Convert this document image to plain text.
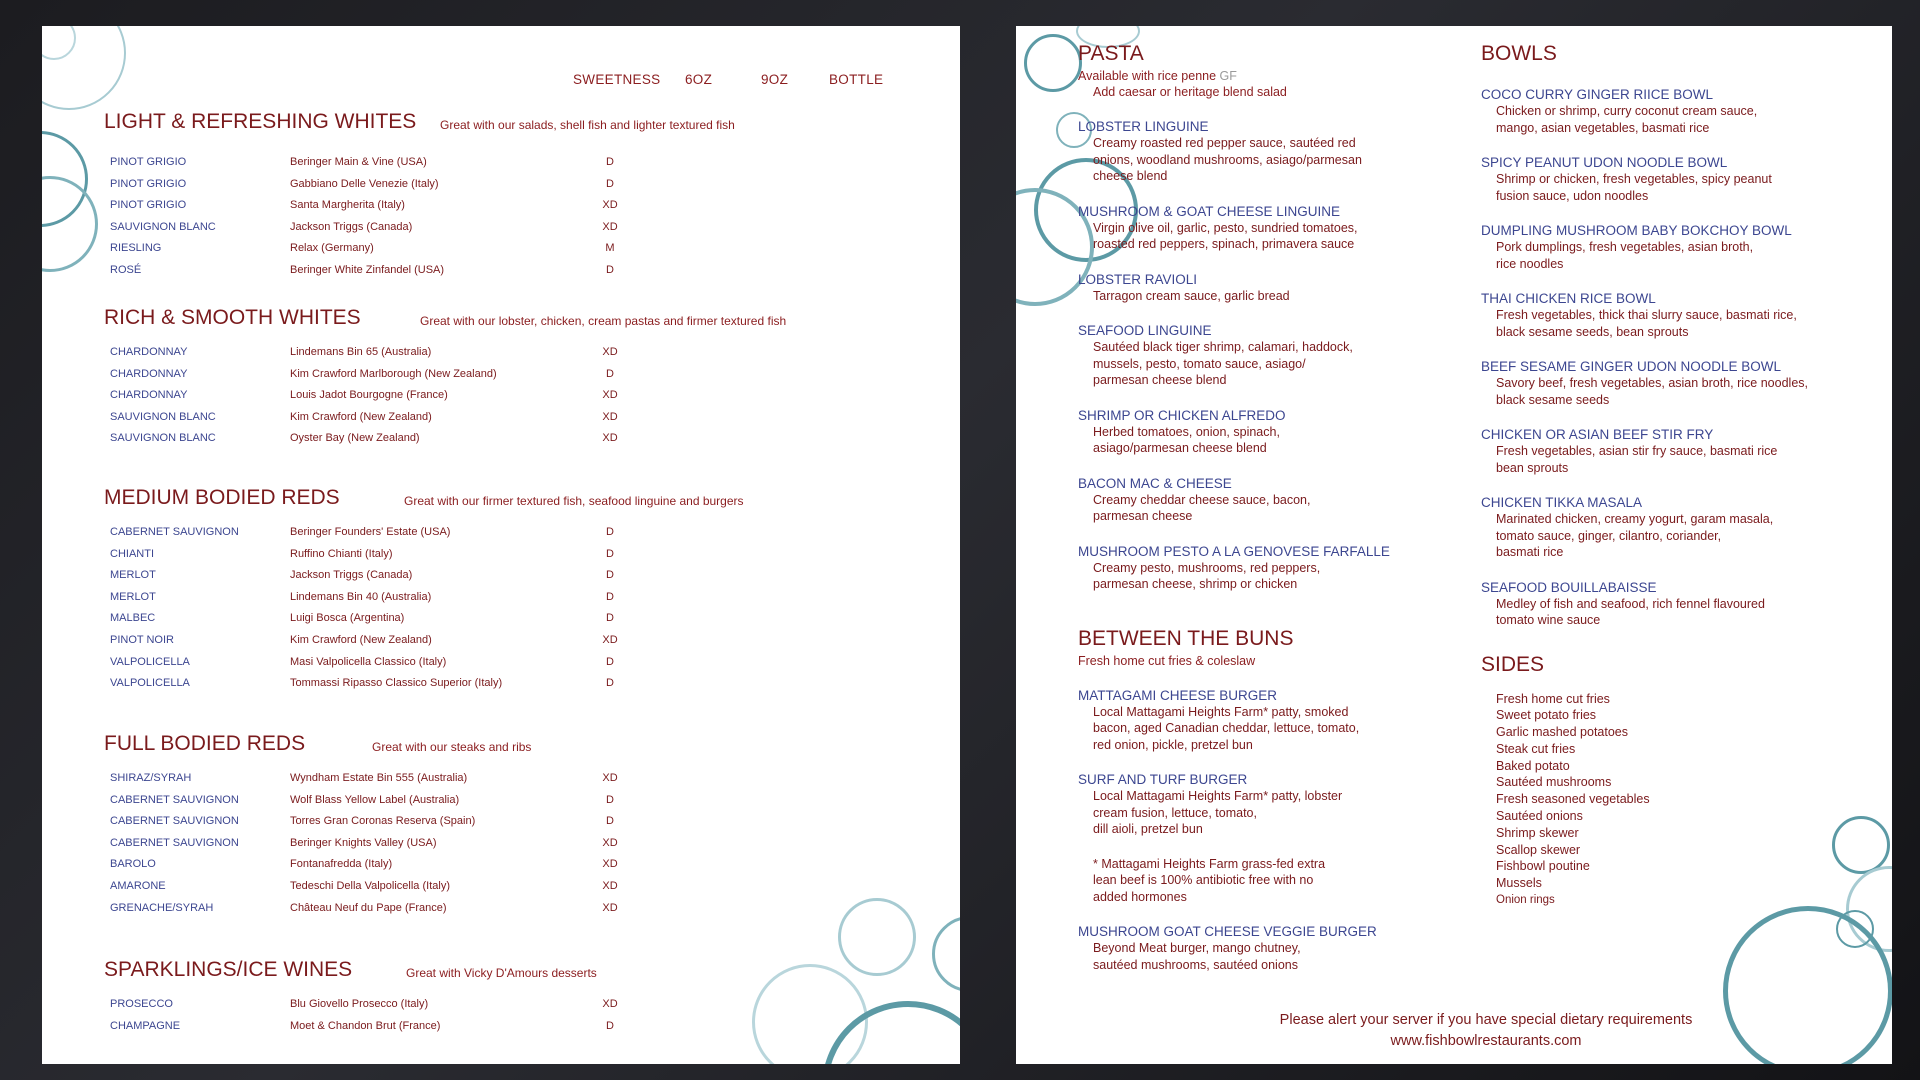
SWEETNESS 6OZ	9OZ	BOTTLE
LIGHT & REFRESHING WHITES Great with our salads, shell fish and lighter textured fish
PINOT GRIGIO	Beringer Main & Vine (USA)	D
PINOT GRIGIO	Gabbiano Delle Venezie (Italy)	D
PINOT GRIGIO	Santa Margherita (Italy)	XD
SAUVIGNON BLANC	Jackson Triggs (Canada)	XD
RIESLING	Relax (Germany)	M
ROSÉ	Beringer White Zinfandel (USA)	D
RICH & SMOOTH WHITES	Great with our lobster, chicken, cream pastas and firmer textured fish
CHARDONNAY	Lindemans Bin 65 (Australia)	XD
CHARDONNAY	Kim Crawford Marlborough (New Zealand)	D
CHARDONNAY	Louis Jadot Bourgogne (France)	XD
SAUVIGNON BLANC	Kim Crawford (New Zealand)	XD
SAUVIGNON BLANC	Oyster Bay (New Zealand)	XD
MEDIUM BODIED REDS	Great with our firmer textured fish, seafood linguine and burgers
CABERNET SAUVIGNON	Beringer Founders' Estate (USA)	D
CHIANTI	Ruffino Chianti (Italy)	D
MERLOT	Jackson Triggs (Canada)	D
MERLOT	Lindemans Bin 40 (Australia)	D
MALBEC	Luigi Bosca (Argentina)	D
PINOT NOIR	Kim Crawford (New Zealand)	XD
VALPOLICELLA	Masi Valpolicella Classico (Italy)	D
VALPOLICELLA	Tommassi Ripasso Classico Superior (Italy)	D
FULL BODIED REDS	Great with our steaks and ribs
SHIRAZ/SYRAH	Wyndham Estate Bin 555 (Australia)	XD
CABERNET SAUVIGNON	Wolf Blass Yellow Label (Australia)	D
CABERNET SAUVIGNON	Torres Gran Coronas Reserva (Spain)	D
CABERNET SAUVIGNON	Beringer Knights Valley (USA)	XD
BAROLO	Fontanafredda (Italy)	XD
AMARONE	Tedeschi Della Valpolicella (Italy)	XD
GRENACHE/SYRAH	Château Neuf du Pape (France)	XD
SPARKLINGS/ICE WINES	Great with Vicky D'Amours desserts
PROSECCO	Blu Giovello Prosecco (Italy)	XD
CHAMPAGNE	Moet & Chandon Brut (France)	D
PASTA
Available with rice penne GF
Add caesar or heritage blend salad
LOBSTER LINGUINE
Creamy roasted red pepper sauce, sautéed red
onions, woodland mushrooms, asiago/parmesan
cheese blend
MUSHROOM & GOAT CHEESE LINGUINE
Virgin olive oil, garlic, pesto, sundried tomatoes,
roasted red peppers, spinach, primavera sauce
LOBSTER RAVIOLI
Tarragon cream sauce, garlic bread
SEAFOOD LINGUINE
Sautéed black tiger shrimp, calamari, haddock,
mussels, pesto, tomato sauce, asiago/
parmesan cheese blend
SHRIMP OR CHICKEN ALFREDO
Herbed tomatoes, onion, spinach,
asiago/parmesan cheese blend
BACON MAC & CHEESE
Creamy cheddar cheese sauce, bacon,
parmesan cheese
MUSHROOM PESTO A LA GENOVESE FARFALLE
Creamy pesto, mushrooms, red peppers,
parmesan cheese, shrimp or chicken
BETWEEN THE BUNS
Fresh home cut fries & coleslaw
MATTAGAMI CHEESE BURGER
Local Mattagami Heights Farm* patty, smoked
bacon, aged Canadian cheddar, lettuce, tomato,
red onion, pickle, pretzel bun
SURF AND TURF BURGER
Local Mattagami Heights Farm* patty, lobster
cream fusion, lettuce, tomato,
dill aioli, pretzel bun
* Mattagami Heights Farm grass-fed extra
lean beef is 100% antibiotic free with no
added hormones
MUSHROOM GOAT CHEESE VEGGIE BURGER
Beyond Meat burger, mango chutney,
sautéed mushrooms, sautéed onions
BOWLS
COCO CURRY GINGER RIICE BOWL
Chicken or shrimp, curry coconut cream sauce,
mango, asian vegetables, basmati rice
SPICY PEANUT UDON NOODLE BOWL
Shrimp or chicken, fresh vegetables, spicy peanut
fusion sauce, udon noodles
DUMPLING MUSHROOM BABY BOKCHOY BOWL
Pork dumplings, fresh vegetables, asian broth,
rice noodles
THAI CHICKEN RICE BOWL
Fresh vegetables, thick thai slurry sauce, basmati rice,
black sesame seeds, bean sprouts
BEEF SESAME GINGER UDON NOODLE BOWL
Savory beef, fresh vegetables, asian broth, rice noodles,
black sesame seeds
CHICKEN OR ASIAN BEEF STIR FRY
Fresh vegetables, asian stir fry sauce, basmati rice
bean sprouts
CHICKEN TIKKA MASALA
Marinated chicken, creamy yogurt, garam masala,
tomato sauce, ginger, cilantro, coriander,
basmati rice
SEAFOOD BOUILLABAISSE
Medley of fish and seafood, rich fennel flavoured
tomato wine sauce
SIDES
Fresh home cut fries
Sweet potato fries
Garlic mashed potatoes
Steak cut fries
Baked potato
Sautéed mushrooms
Fresh seasoned vegetables
Sautéed onions
Shrimp skewer
Scallop skewer
Fishbowl poutine
Mussels
Onion rings
Please alert your server if you have special dietary requirements
www.fishbowlrestaurants.com
